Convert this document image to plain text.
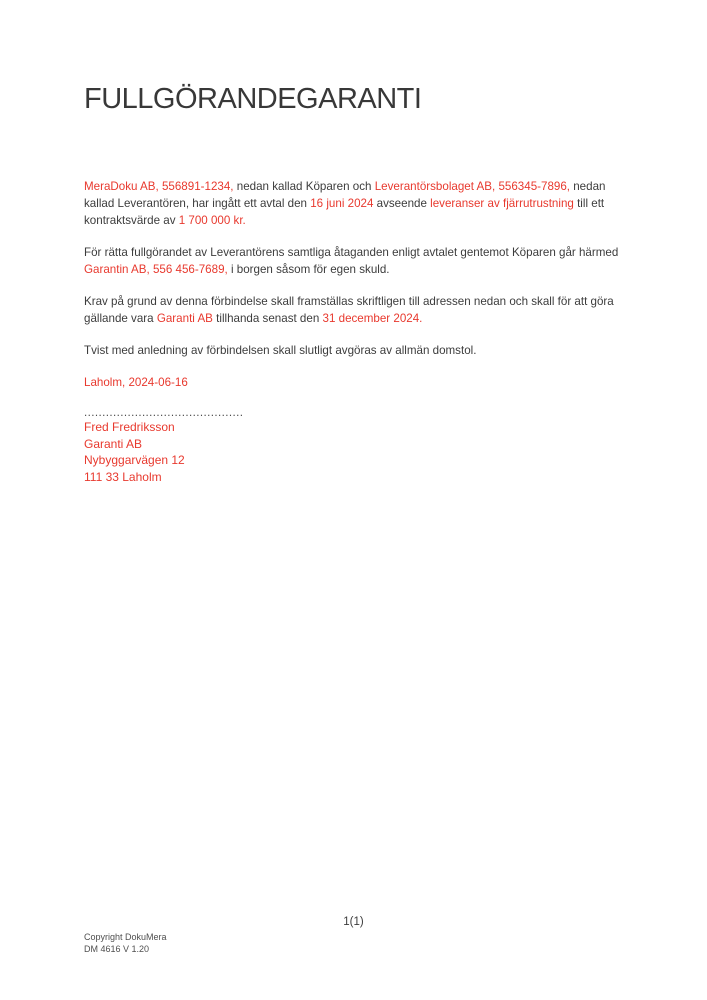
FULLGÖRANDEGARANTI

MeraDoku AB, 556891-1234, nedan kallad Köparen och Leverantörsbolaget AB, 556345-7896, nedan kallad Leverantören, har ingått ett avtal den 16 juni 2024 avseende leveranser av fjärrutrustning till ett kontraktsvärde av 1 700 000 kr.

För rätta fullgörandet av Leverantörens samtliga åtaganden enligt avtalet gentemot Köparen går härmed Garantin AB, 556 456-7689, i borgen såsom för egen skuld.

Krav på grund av denna förbindelse skall framställas skriftligen till adressen nedan och skall för att göra gällande vara Garanti AB tillhanda senast den 31 december 2024.

Tvist med anledning av förbindelsen skall slutligt avgöras av allmän domstol.

Laholm, 2024-06-16

............................................
Fred Fredriksson
Garanti AB
Nybyggarvägen 12
111 33 Laholm
1(1)
Copyright DokuMera
DM 4616 V 1.20
